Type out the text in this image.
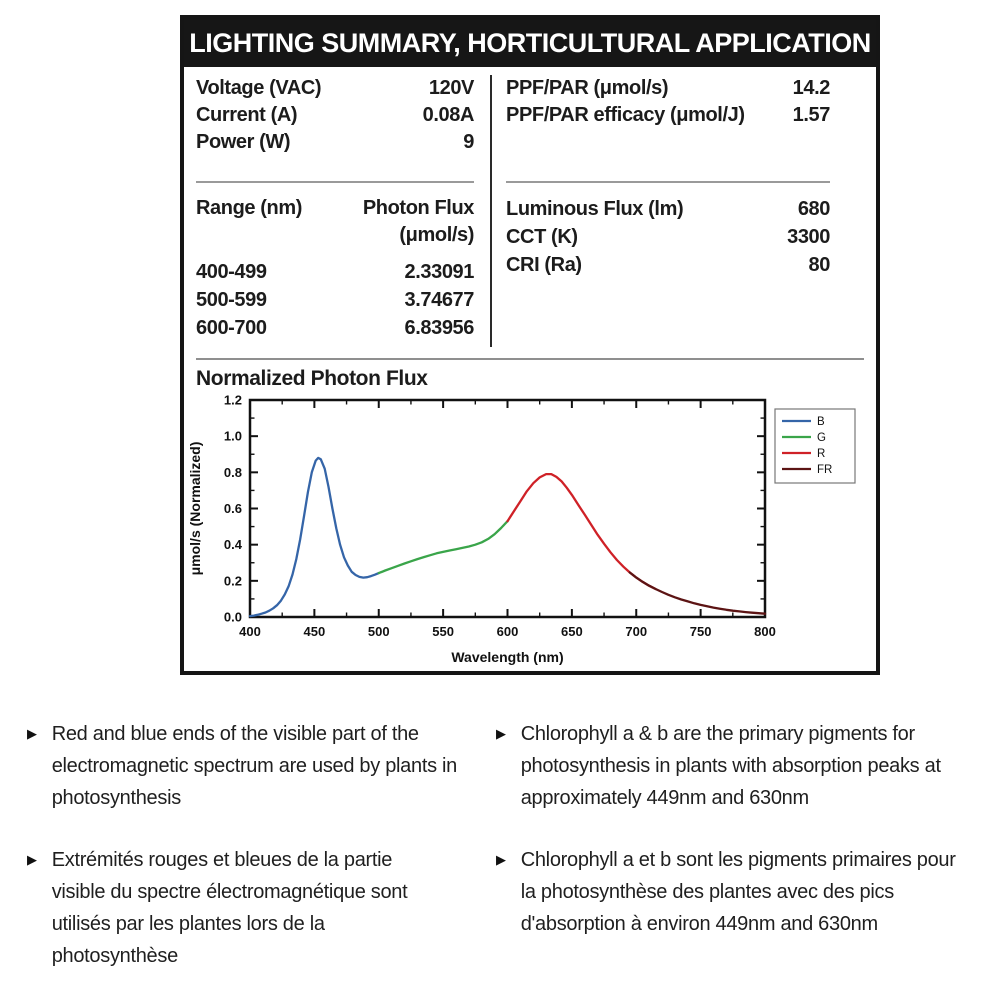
LIGHTING SUMMARY, HORTICULTURAL APPLICATION
Voltage (VAC)	120V
Current (A)	0.08A
Power (W)	9
PPF/PAR (μmol/s)	14.2
PPF/PAR efficacy (μmol/J) 1.57
Range (nm)	Photon Flux
(μmol/s)
400-499	2.33091
500-599	3.74677
600-700	6.83956
Luminous Flux (lm)	680
CCT (K)	3300
CRI (Ra)	80
Normalized Photon Flux
400	450	500	550	600	650	700	750	800
0.0
0.2
0.4
0.6
0.8
1.0
1.2
Wavelength (nm)
μmol/s (Normalized)
B
G
R
FR
▶ Red and blue ends of the visible part of the electromagnetic spectrum are used by plants in photosynthesis
▶ Chlorophyll a & b are the primary pigments for photosynthesis in plants with absorption peaks at approximately 449nm and 630nm
▶ Extrémités rouges et bleues de la partie visible du spectre électromagnétique sont utilisés par les plantes lors de la photosynthèse
▶ Chlorophyll a et b sont les pigments primaires pour la photosynthèse des plantes avec des pics d'absorption à environ 449nm and 630nm
